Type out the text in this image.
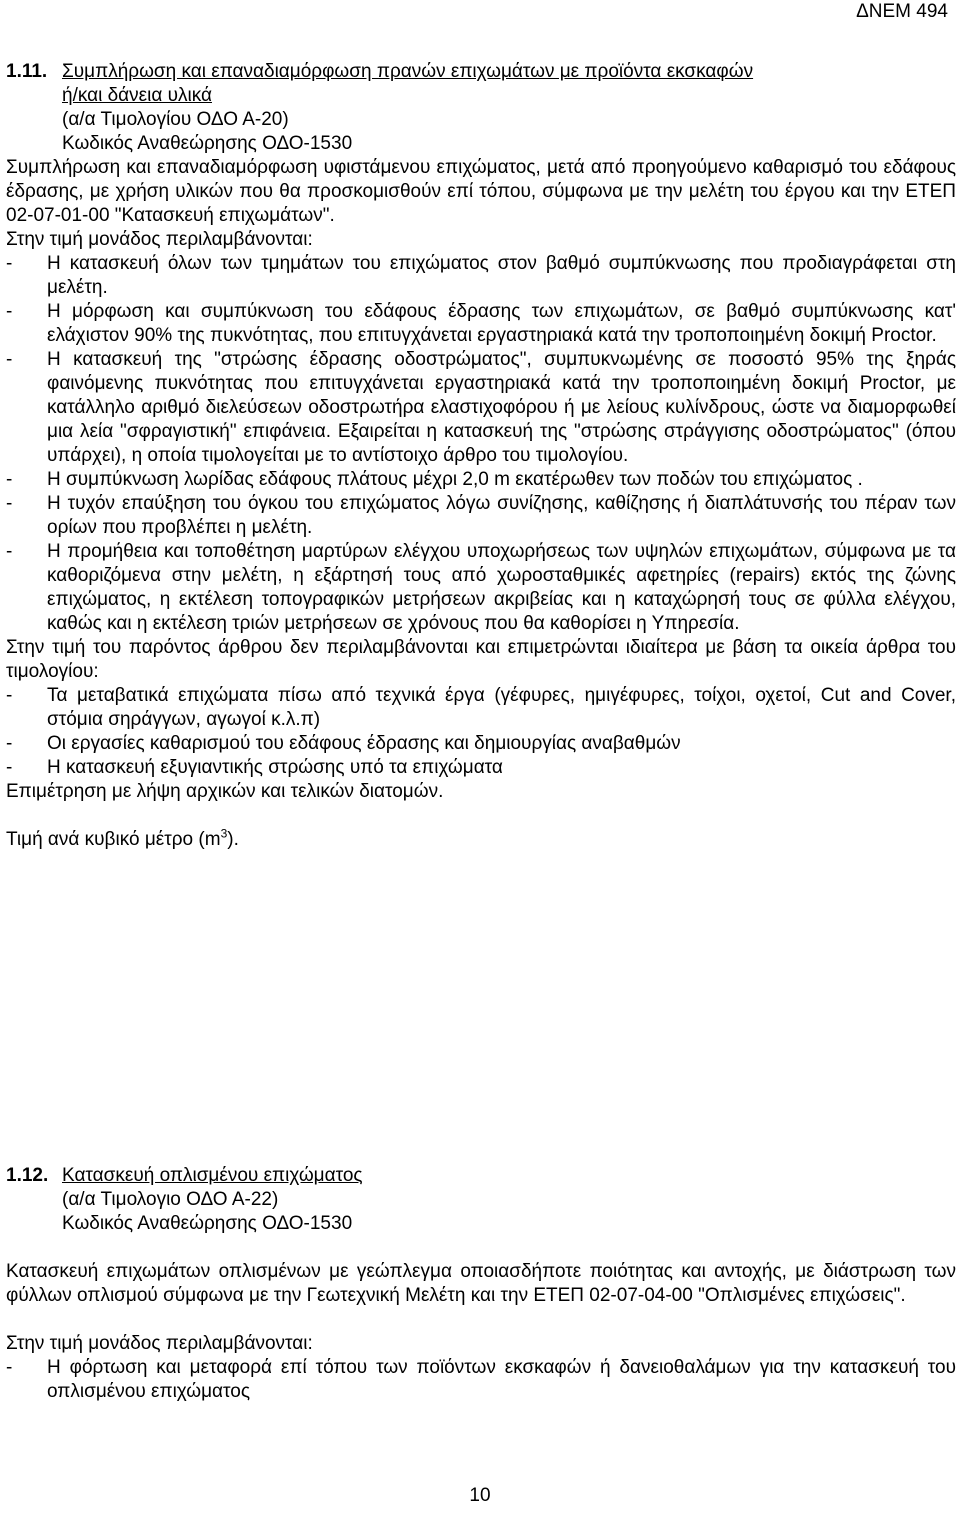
ΔΝΕΜ 494
1.11. Συμπλήρωση και επαναδιαμόρφωση πρανών επιχωμάτων με προϊόντα εκσκαφών
ή/και δάνεια υλικά
(α/α Τιμολογίου ΟΔΟ Α-20)
Κωδικός Αναθεώρησης ΟΔΟ-1530

Συμπλήρωση και επαναδιαμόρφωση υφιστάμενου επιχώματος, μετά από προηγούμενο καθαρισμό του εδάφους έδρασης, με χρήση υλικών που θα προσκομισθούν επί τόπου, σύμφωνα με την μελέτη του έργου και την ΕΤΕΠ 02-07-01-00 "Κατασκευή επιχωμάτων".

Στην τιμή μονάδος περιλαμβάνονται:

-	Η κατασκευή όλων των τμημάτων του επιχώματος στον βαθμό συμπύκνωσης που προδιαγράφεται στη μελέτη.
-	Η μόρφωση και συμπύκνωση του εδάφους έδρασης των επιχωμάτων, σε βαθμό συμπύκνωσης κατ' ελάχιστον 90% της πυκνότητας, που επιτυγχάνεται εργαστηριακά κατά την τροποποιημένη δοκιμή Proctor.
-	Η κατασκευή της "στρώσης έδρασης οδοστρώματος", συμπυκνωμένης σε ποσοστό 95% της ξηράς φαινόμενης πυκνότητας που επιτυγχάνεται εργαστηριακά κατά την τροποποιημένη δοκιμή Proctor, με κατάλληλο αριθμό διελεύσεων οδοστρωτήρα ελαστιχοφόρου ή με λείους κυλίνδρους, ώστε να διαμορφωθεί μια λεία "σφραγιστική" επιφάνεια. Εξαιρείται η κατασκευή της "στρώσης στράγγισης οδοστρώματος" (όπου υπάρχει), η οποία τιμολογείται με το αντίστοιχο άρθρο του τιμολογίου.
-	Η συμπύκνωση λωρίδας εδάφους πλάτους μέχρι 2,0 m εκατέρωθεν των ποδών του επιχώματος .
-	Η τυχόν επαύξηση του όγκου του επιχώματος λόγω συνίζησης, καθίζησης ή διαπλάτυνσής του πέραν των ορίων που προβλέπει η μελέτη.
-	Η προμήθεια και τοποθέτηση μαρτύρων ελέγχου υποχωρήσεως των υψηλών επιχωμάτων, σύμφωνα με τα καθοριζόμενα στην μελέτη, η εξάρτησή τους από χωροσταθμικές αφετηρίες (repairs) εκτός της ζώνης επιχώματος, η εκτέλεση τοπογραφικών μετρήσεων ακριβείας και η καταχώρησή τους σε φύλλα ελέγχου, καθώς και η εκτέλεση τριών μετρήσεων σε χρόνους που θα καθορίσει η Υπηρεσία.

Στην τιμή του παρόντος άρθρου δεν περιλαμβάνονται και επιμετρώνται ιδιαίτερα με βάση τα οικεία άρθρα του τιμολογίου:

-	Τα μεταβατικά επιχώματα πίσω από τεχνικά έργα (γέφυρες, ημιγέφυρες, τοίχοι, οχετοί, Cut and Cover, στόμια σηράγγων, αγωγοί κ.λ.π)
-	Οι εργασίες καθαρισμού του εδάφους έδρασης και δημιουργίας αναβαθμών
-	Η κατασκευή εξυγιαντικής στρώσης υπό τα επιχώματα

Επιμέτρηση με λήψη αρχικών και τελικών διατομών.

Τιμή ανά κυβικό μέτρο $(m^3)$.

1.12. Κατασκευή οπλισμένου επιχώματος
(α/α Τιμολογιο ΟΔΟ Α-22)
Κωδικός Αναθεώρησης ΟΔΟ-1530

Κατασκευή επιχωμάτων οπλισμένων με γεώπλεγμα οποιασδήποτε ποιότητας και αντοχής, με διάστρωση των φύλλων οπλισμού σύμφωνα με την Γεωτεχνική Μελέτη και την ΕΤΕΠ 02-07-04-00 "Οπλισμένες επιχώσεις".

Στην τιμή μονάδος περιλαμβάνονται:

-	Η φόρτωση και μεταφορά επί τόπου των ποϊόντων εκσκαφών ή δανειοθαλάμων για την κατασκευή του οπλισμένου επιχώματος
10
